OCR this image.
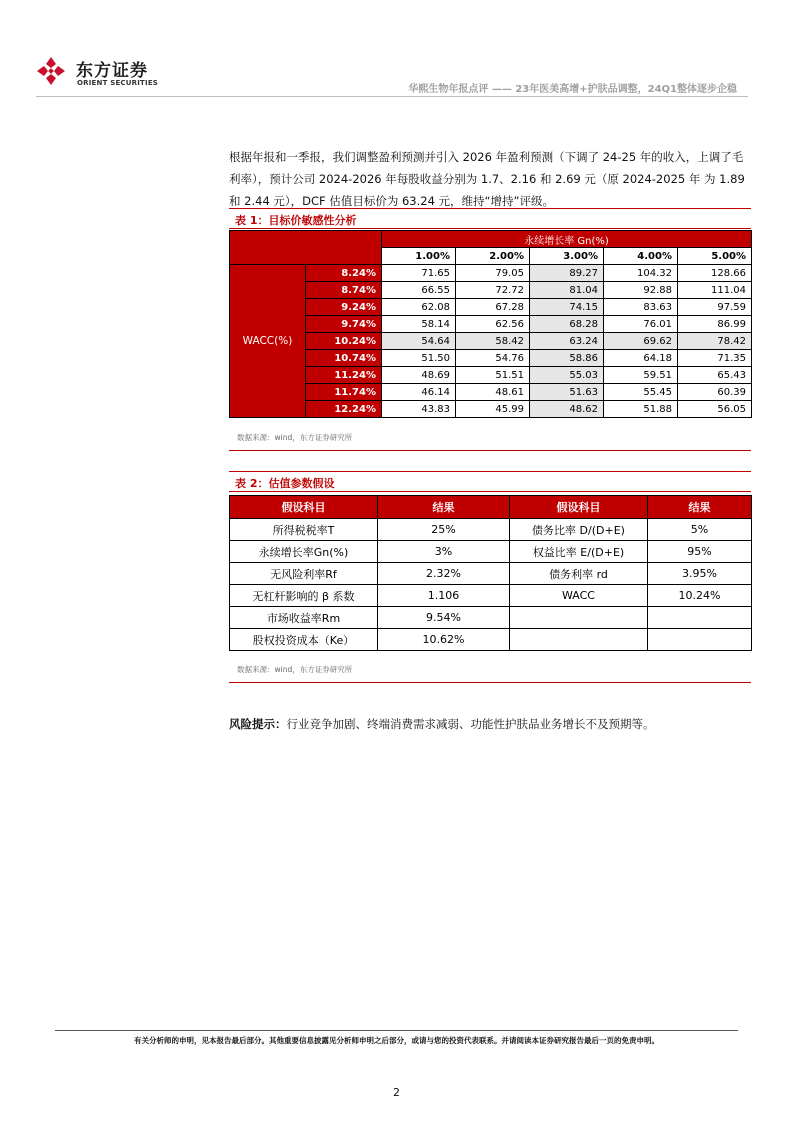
东方证券
ORIENT SECURITIES
华熙生物年报点评 —— 23年医美高增+护肤品调整，24Q1整体逐步企稳
根据年报和一季报，我们调整盈利预测并引入 2026 年盈利预测（下调了 24-25 年的收入，上调了毛利率），预计公司 2024-2026 年每股收益分别为 1.7、2.16 和 2.69 元（原 2024-2025 年 为 1.89 和 2.44 元），DCF 估值目标价为 63.24 元，维持“增持”评级。
表 1：目标价敏感性分析
		永续增长率 Gn(%)				
		1.00%	2.00%	3.00%	4.00%	5.00%
WACC(%)	8.24%	71.65	79.05	89.27	104.32	128.66
	8.74%	66.55	72.72	81.04	92.88	111.04
	9.24%	62.08	67.28	74.15	83.63	97.59
	9.74%	58.14	62.56	68.28	76.01	86.99
	10.24%	54.64	58.42	63.24	69.62	78.42
	10.74%	51.50	54.76	58.86	64.18	71.35
	11.24%	48.69	51.51	55.03	59.51	65.43
	11.74%	46.14	48.61	51.63	55.45	60.39
	12.24%	43.83	45.99	48.62	51.88	56.05
数据来源：wind，东方证券研究所
表 2：估值参数假设
假设科目	结果	假设科目	结果
所得税税率T	25%	债务比率 D/(D+E)	5%
永续增长率Gn(%)	3%	权益比率 E/(D+E)	95%
无风险利率Rf	2.32%	债务利率 rd	3.95%
无杠杆影响的 β 系数	1.106	WACC	10.24%
市场收益率Rm	9.54%		
股权投资成本（Ke）	10.62%		
数据来源：wind，东方证券研究所
风险提示：行业竞争加剧、终端消费需求减弱、功能性护肤品业务增长不及预期等。
有关分析师的申明，见本报告最后部分。其他重要信息披露见分析师申明之后部分，或请与您的投资代表联系。并请阅读本证券研究报告最后一页的免责申明。
2
